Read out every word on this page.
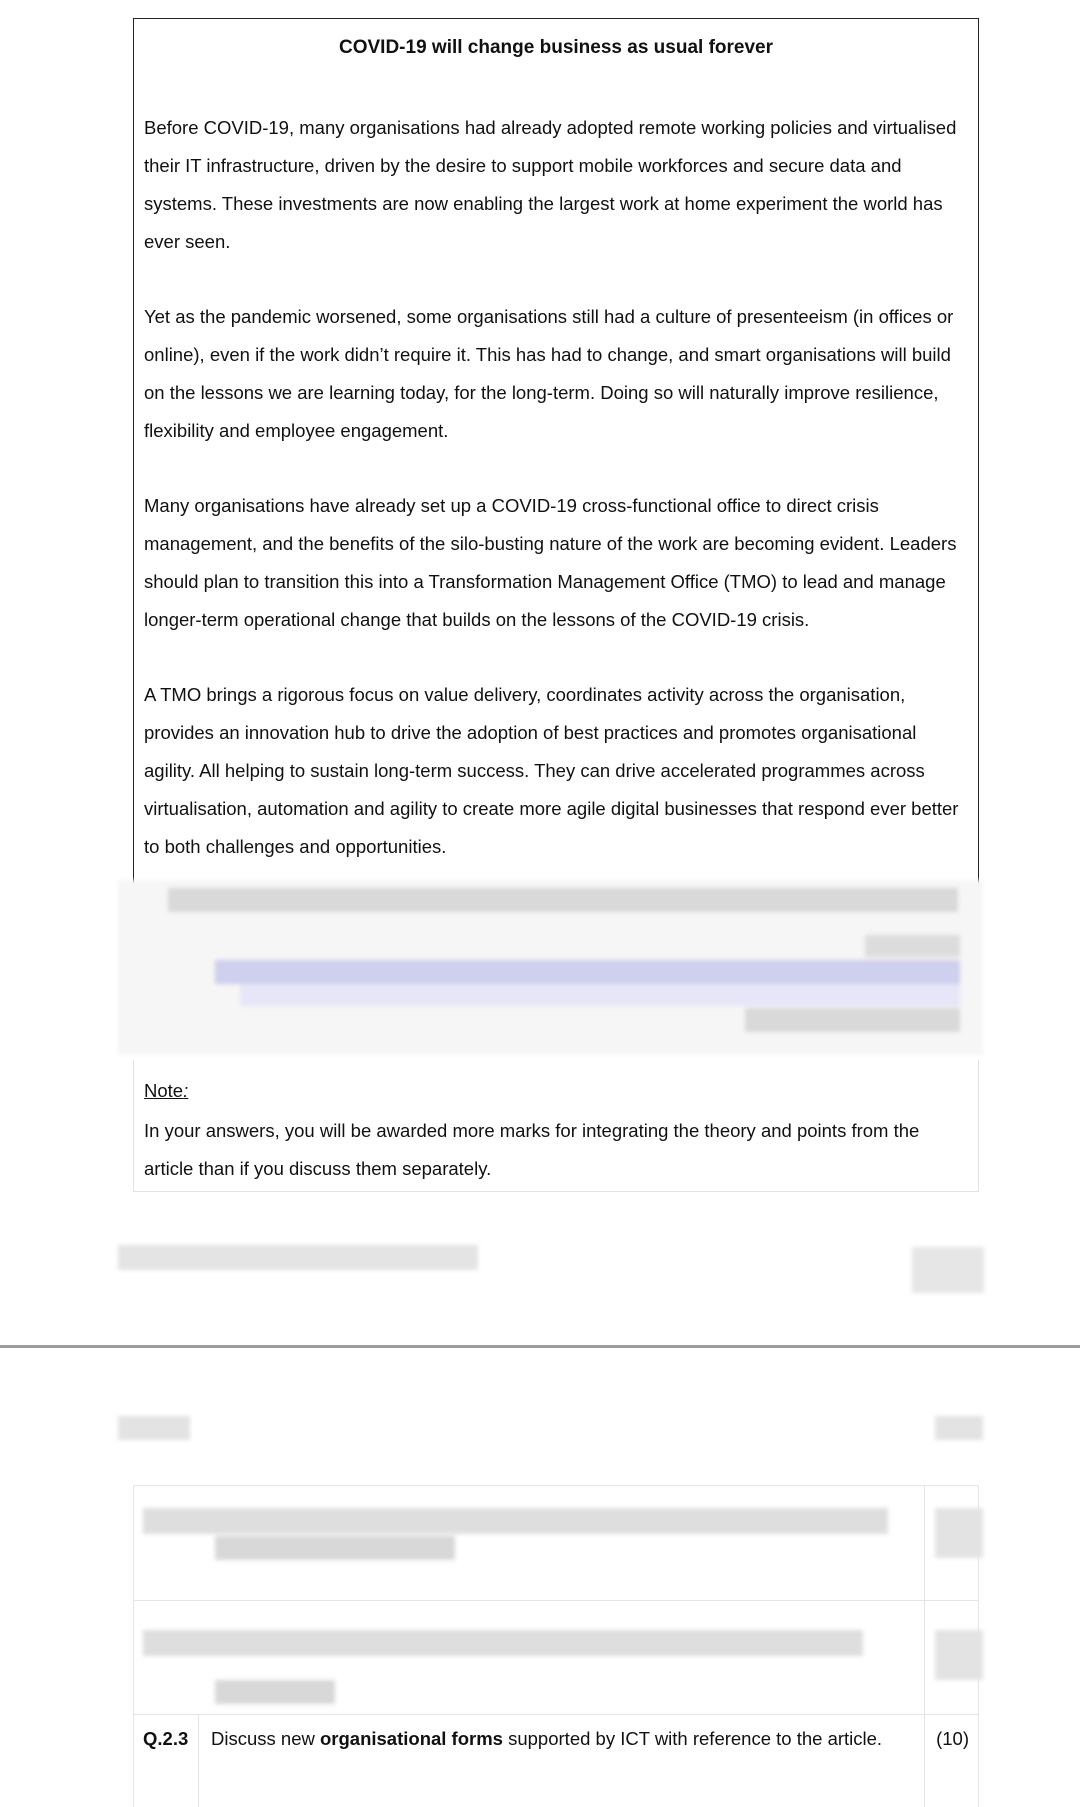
COVID-19 will change business as usual forever
Before COVID-19, many organisations had already adopted remote working policies and virtualised their IT infrastructure, driven by the desire to support mobile workforces and secure data and systems. These investments are now enabling the largest work at home experiment the world has ever seen.
Yet as the pandemic worsened, some organisations still had a culture of presenteeism (in offices or online), even if the work didn’t require it. This has had to change, and smart organisations will build on the lessons we are learning today, for the long-term. Doing so will naturally improve resilience, flexibility and employee engagement.
Many organisations have already set up a COVID-19 cross-functional office to direct crisis management, and the benefits of the silo-busting nature of the work are becoming evident. Leaders should plan to transition this into a Transformation Management Office (TMO) to lead and manage longer-term operational change that builds on the lessons of the COVID-19 crisis.
A TMO brings a rigorous focus on value delivery, coordinates activity across the organisation, provides an innovation hub to drive the adoption of best practices and promotes organisational agility. All helping to sustain long-term success. They can drive accelerated programmes across virtualisation, automation and agility to create more agile digital businesses that respond ever better to both challenges and opportunities.
Note:
In your answers, you will be awarded more marks for integrating the theory and points from the article than if you discuss them separately.
Q.2.3 Discuss new organisational forms supported by ICT with reference to the article.	(10)
